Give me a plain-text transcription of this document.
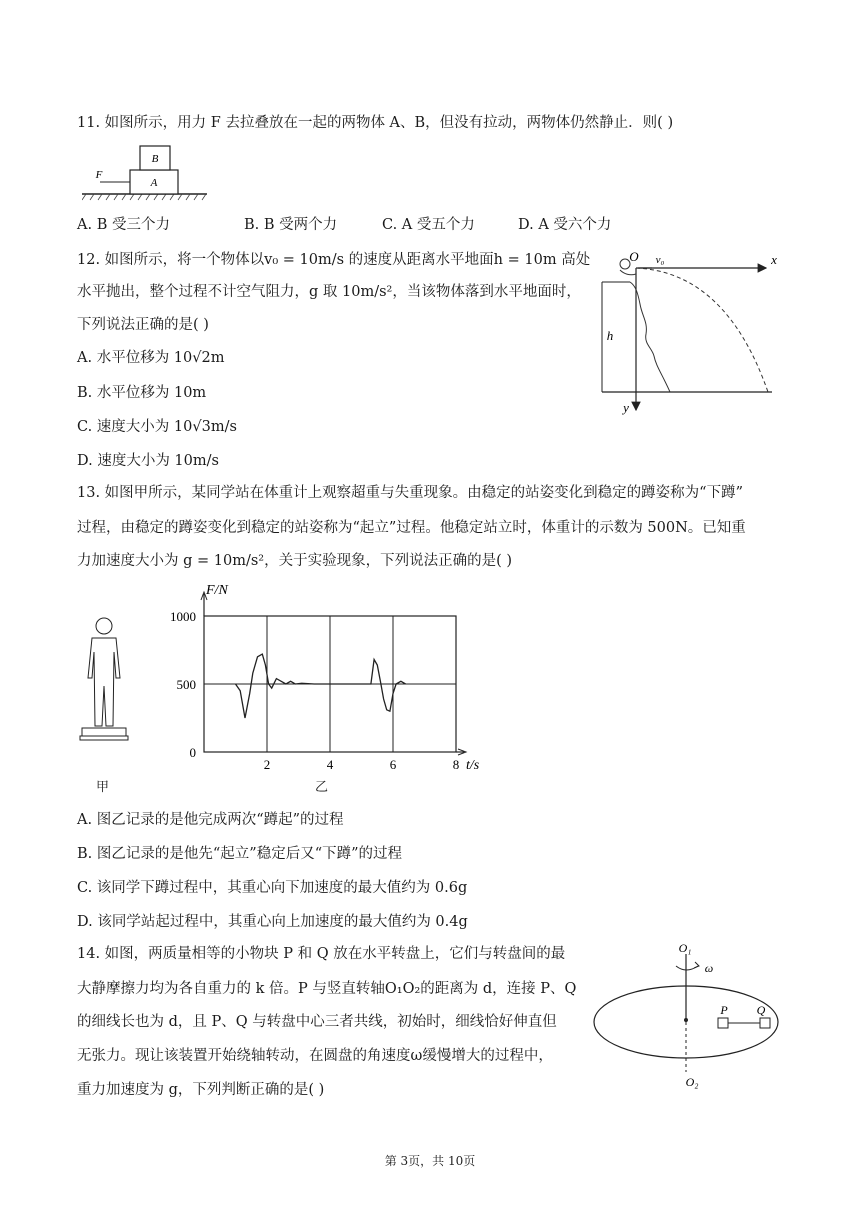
11. 如图所示，用力 F 去拉叠放在一起的两物体 A、B，但没有拉动，两物体仍然静止．则( )
B
A
F
A. B 受三个力	B. B 受两个力	C. A 受五个力	D. A 受六个力
12. 如图所示，将一个物体以v₀ = 10m/s 的速度从距离水平地面h = 10m 高处
水平抛出，整个过程不计空气阻力，g 取 10m/s²，当该物体落到水平地面时，
下列说法正确的是( )
A. 水平位移为 10√2m
B. 水平位移为 10m
C. 速度大小为 10√3m/s
D. 速度大小为 10m/s
O v₀	x
h
y
13. 如图甲所示，某同学站在体重计上观察超重与失重现象。由稳定的站姿变化到稳定的蹲姿称为“下蹲”
过程，由稳定的蹲姿变化到稳定的站姿称为“起立”过程。他稳定站立时，体重计的示数为 500N。已知重
力加速度大小为 g = 10m/s²，关于实验现象，下列说法正确的是( )
甲
2	4	6	8
0
500
1000
F/N
t/s
乙
A. 图乙记录的是他完成两次“蹲起”的过程
B. 图乙记录的是他先“起立”稳定后又“下蹲”的过程
C. 该同学下蹲过程中，其重心向下加速度的最大值约为 0.6g
D. 该同学站起过程中，其重心向上加速度的最大值约为 0.4g
14. 如图，两质量相等的小物块 P 和 Q 放在水平转盘上，它们与转盘间的最
大静摩擦力均为各自重力的 k 倍。P 与竖直转轴O₁O₂的距离为 d，连接 P、Q
的细线长也为 d，且 P、Q 与转盘中心三者共线，初始时，细线恰好伸直但
无张力。现让该装置开始绕轴转动，在圆盘的角速度ω缓慢增大的过程中，
重力加速度为 g，下列判断正确的是( )
O₁
ω
P Q
O₂
第 3页，共 10页
